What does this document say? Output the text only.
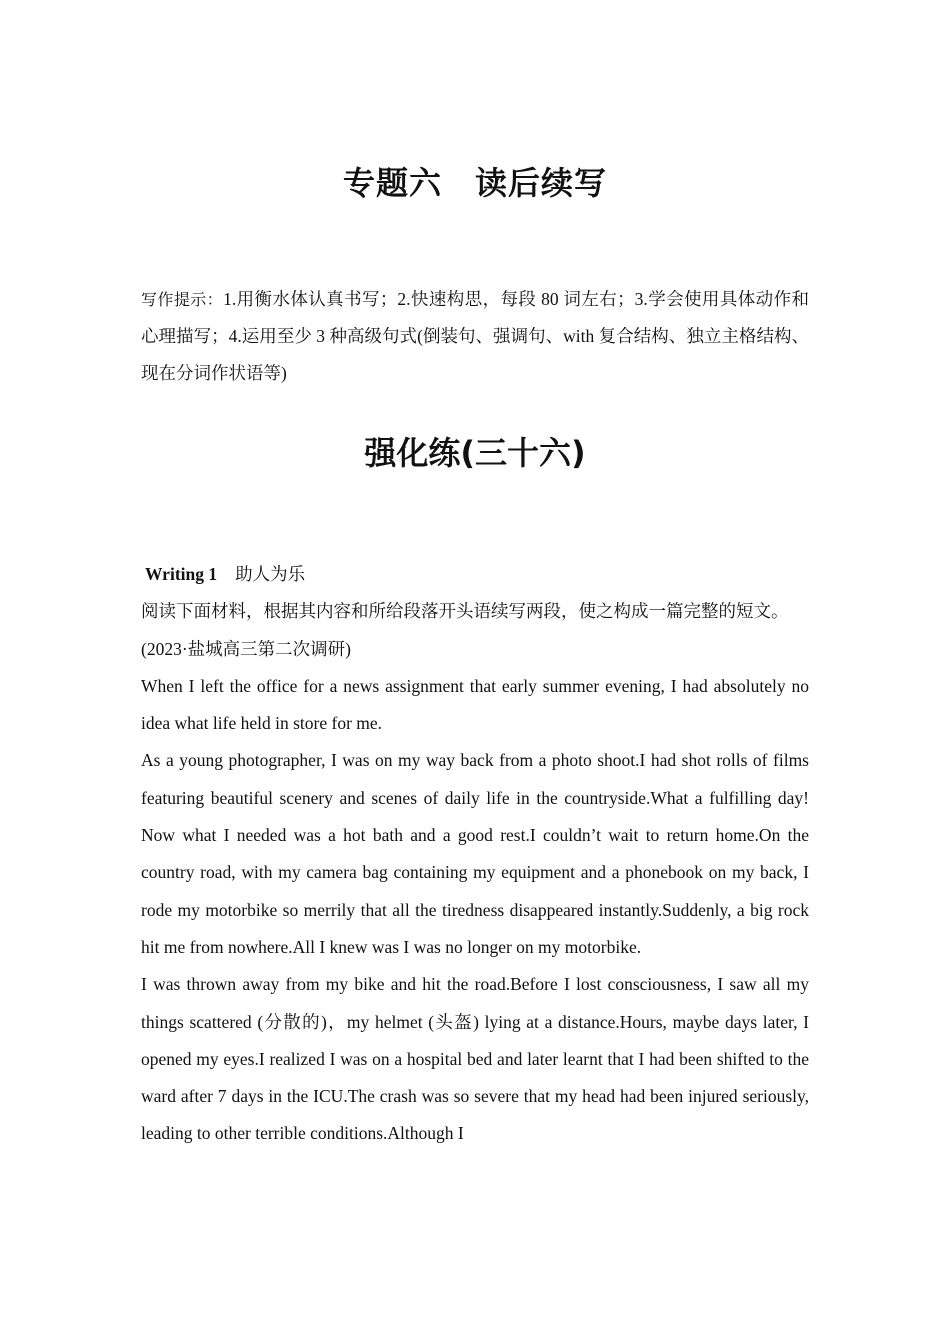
专题六　读后续写
写作提示：1.用衡水体认真书写；2.快速构思，每段 80 词左右；3.学会使用具体动作和心理描写；4.运用至少 3 种高级句式(倒装句、强调句、with 复合结构、独立主格结构、现在分词作状语等)
强化练(三十六)

Writing 1 助人为乐

阅读下面材料，根据其内容和所给段落开头语续写两段，使之构成一篇完整的短文。

(2023·盐城高三第二次调研)

When I left the office for a news assignment that early summer evening, I had absolutely no idea what life held in store for me.

As a young photographer, I was on my way back from a photo shoot.I had shot rolls of films featuring beautiful scenery and scenes of daily life in the countryside.What a fulfilling day! Now what I needed was a hot bath and a good rest.I couldn’t wait to return home.On the country road, with my camera bag containing my equipment and a phonebook on my back, I rode my motorbike so merrily that all the tiredness disappeared instantly.Suddenly, a big rock hit me from nowhere.All I knew was I was no longer on my motorbike.

I was thrown away from my bike and hit the road.Before I lost consciousness, I saw all my things scattered (分散的)，my helmet (头盔) lying at a distance.Hours, maybe days later, I opened my eyes.I realized I was on a hospital bed and later learnt that I had been shifted to the ward after 7 days in the ICU.The crash was so severe that my head had been injured seriously, leading to other terrible conditions.Although I
